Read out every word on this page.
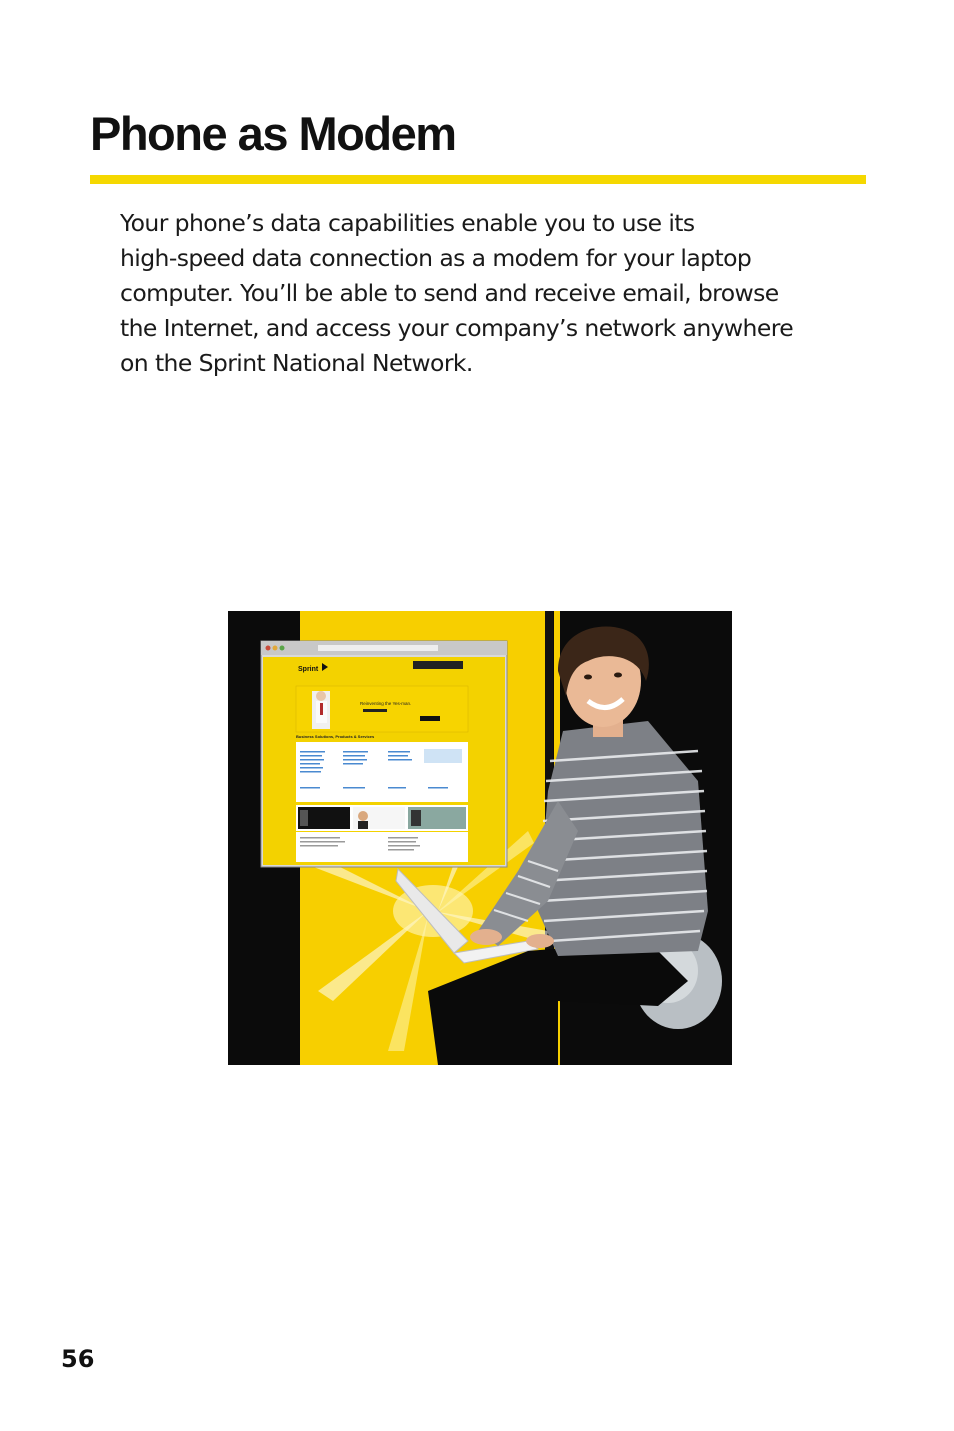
Phone as Modem

Your phone’s data capabilities enable you to use its
high-speed data connection as a modem for your laptop
computer. You’ll be able to send and receive email, browse
the Internet, and access your company’s network anywhere
on the Sprint National Network.

Sprint
Reinventing the Yes-man.
Business Solutions, Products & Services
56
